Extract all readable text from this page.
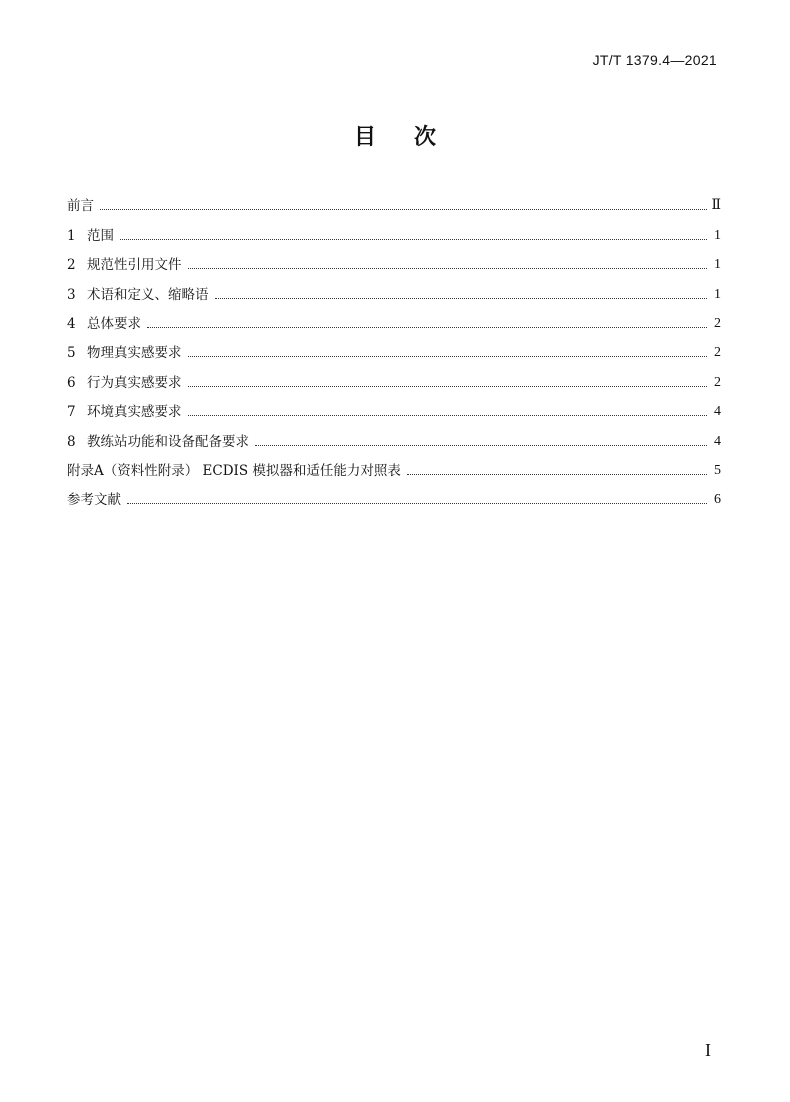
JT/T 1379.4—2021
目次
前言	Ⅱ
1 范围	1
2 规范性引用文件	1
3 术语和定义、缩略语	1
4 总体要求	2
5 物理真实感要求	2
6 行为真实感要求	2
7 环境真实感要求	4
8 教练站功能和设备配备要求	4
附录A（资料性附录） ECDIS 模拟器和适任能力对照表	5
参考文献	6
I
